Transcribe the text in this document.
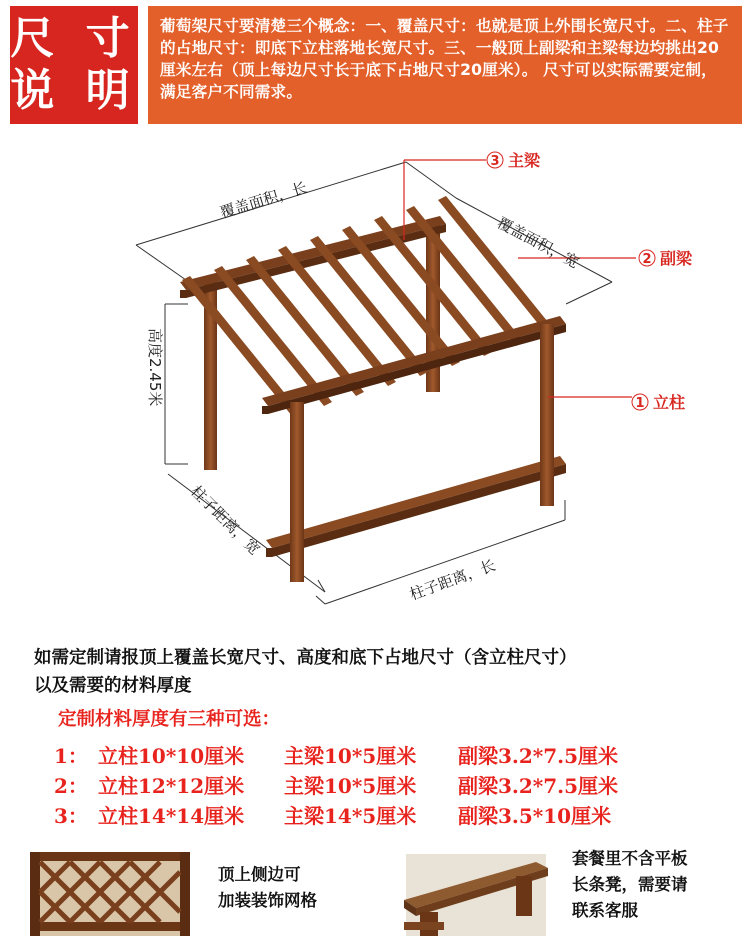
尺 寸
说 明
葡萄架尺寸要清楚三个概念：一、覆盖尺寸：也就是顶上外围长宽尺寸。二、柱子的占地尺寸：即底下立柱落地长宽尺寸。三、一般顶上副梁和主梁每边均挑出20厘米左右（顶上每边尺寸长于底下占地尺寸20厘米）。 尺寸可以实际需要定制，满足客户不同需求。
3 主梁
2 副梁
1 立柱
覆盖面积，长
覆盖面积，宽
高度2.45米
柱子距离，宽
柱子距离，长
如需定制请报顶上覆盖长宽尺寸、高度和底下占地尺寸（含立柱尺寸）
以及需要的材料厚度
定制材料厚度有三种可选：
1： 立柱10*10厘米 主梁10*5厘米 副梁3.2*7.5厘米
2： 立柱12*12厘米 主梁10*5厘米 副梁3.2*7.5厘米
3： 立柱14*14厘米 主梁14*5厘米 副梁3.5*10厘米
顶上侧边可
加装装饰网格
套餐里不含平板
长条凳，需要请
联系客服
